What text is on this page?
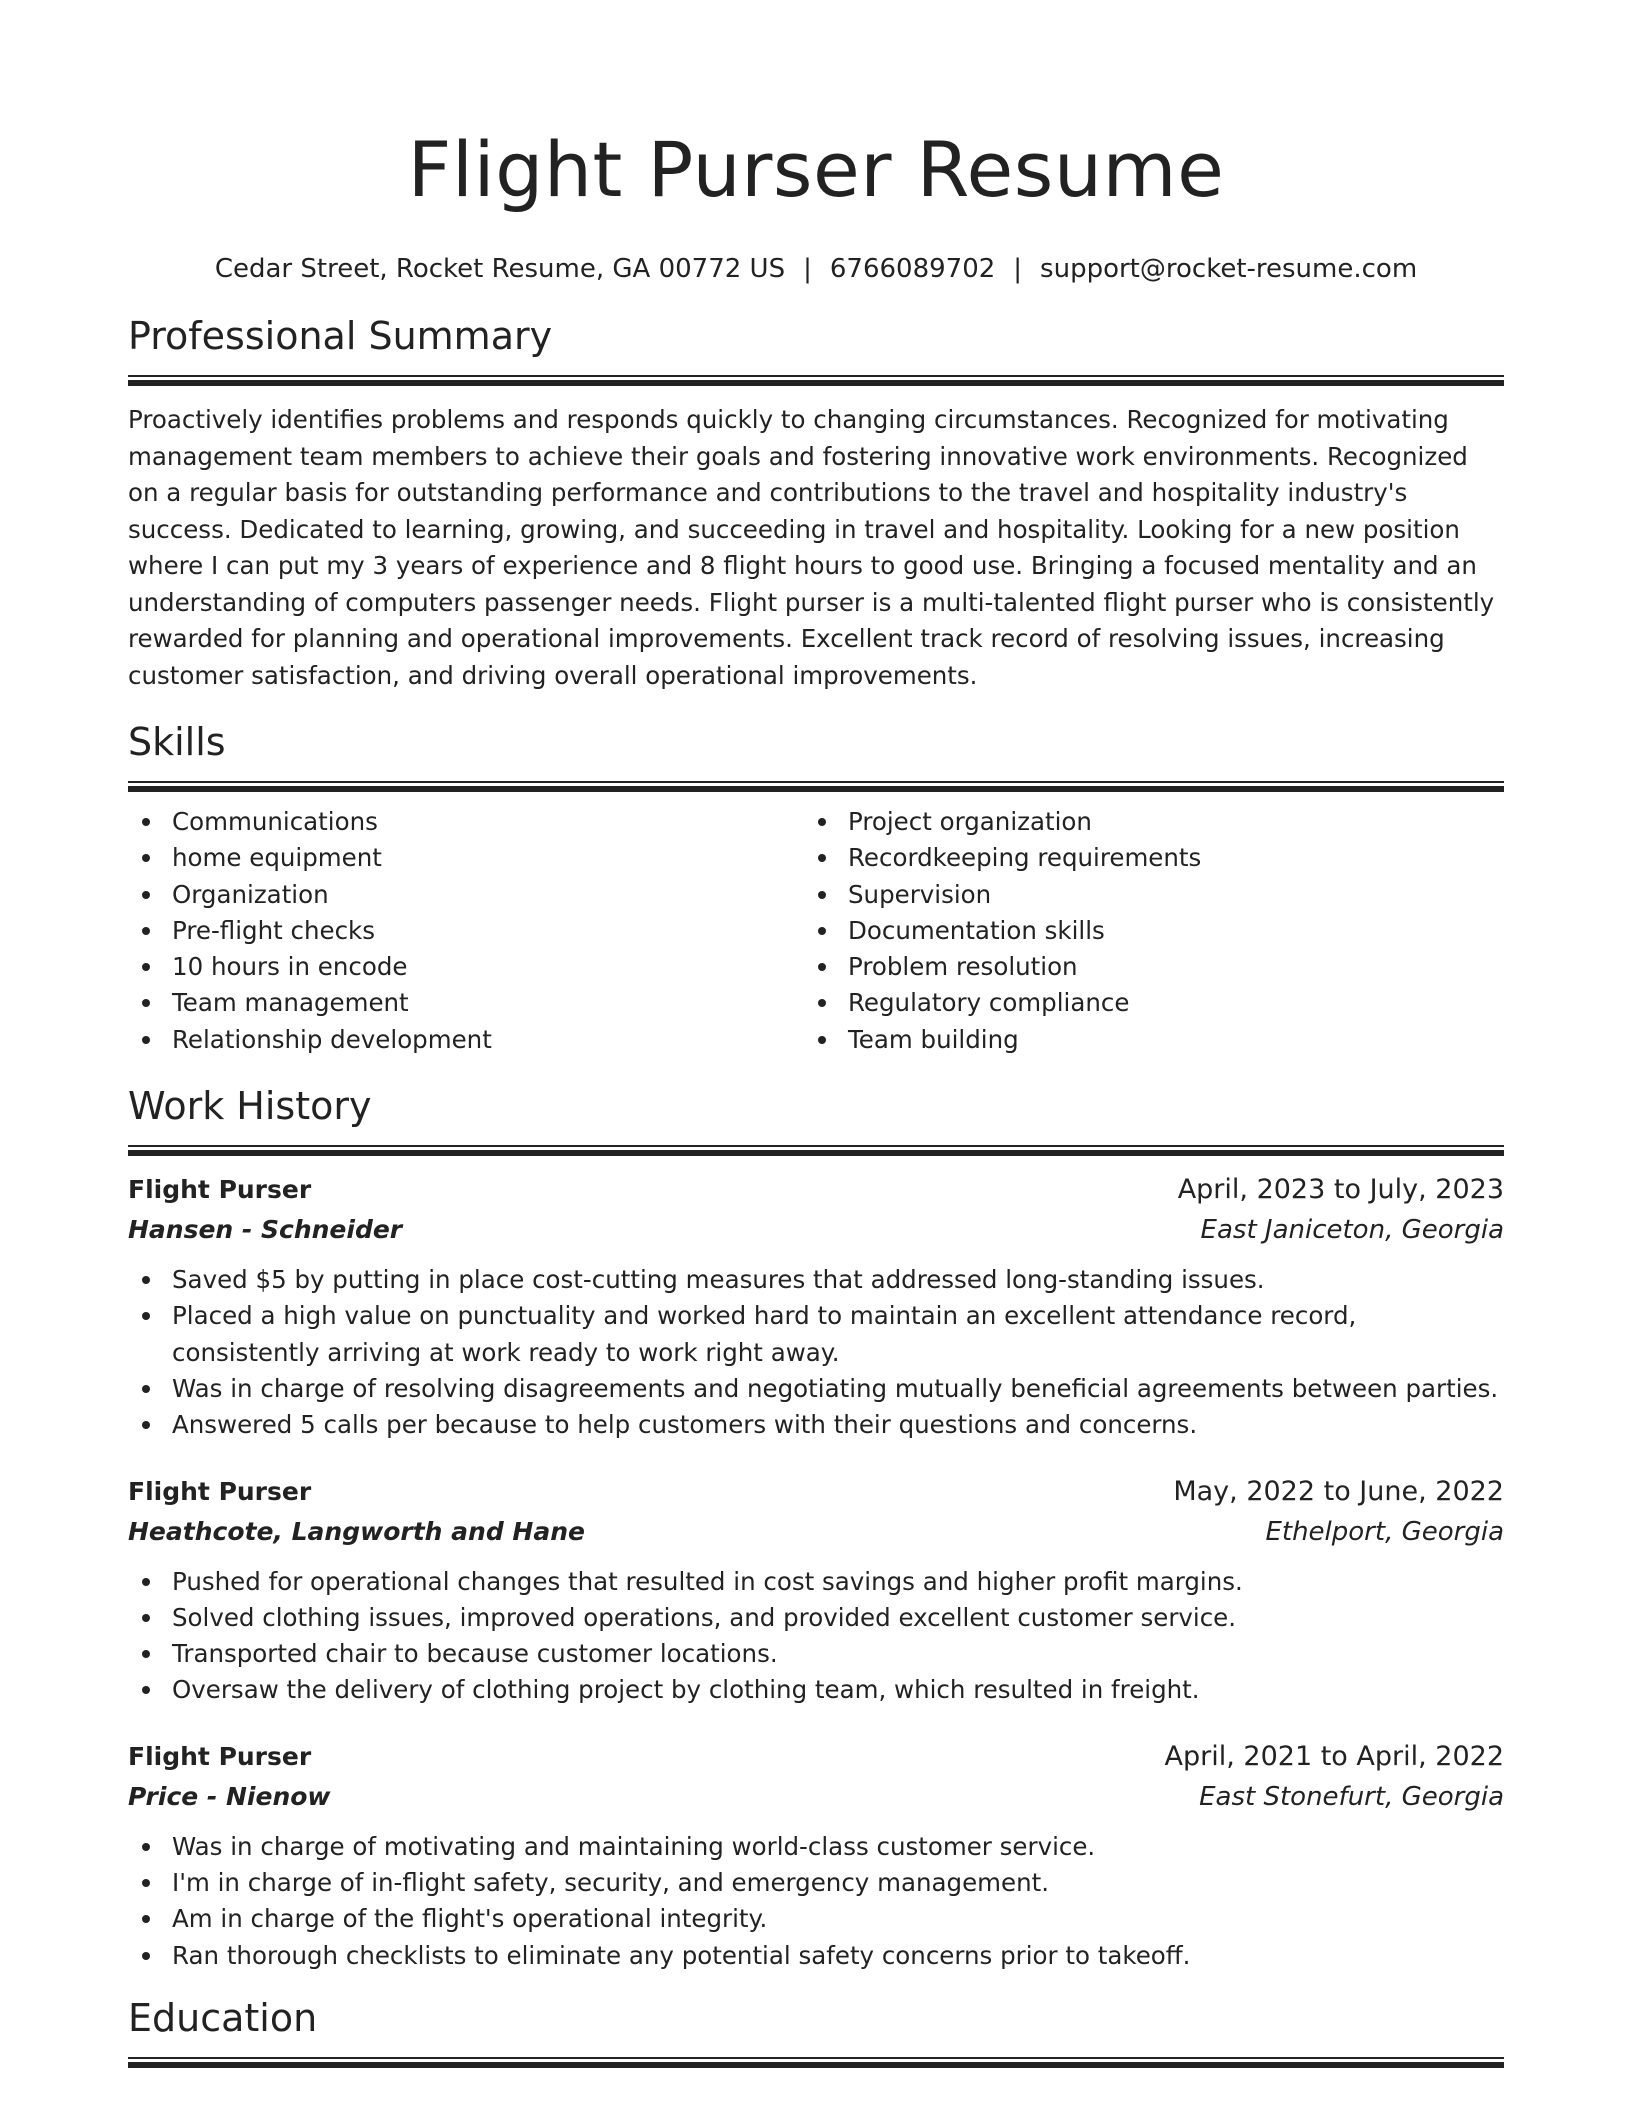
Flight Purser Resume
Cedar Street, Rocket Resume, GA 00772 US | 6766089702 | support@rocket-resume.com
Professional Summary

Proactively identifies problems and responds quickly to changing circumstances. Recognized for motivating management team members to achieve their goals and fostering innovative work environments. Recognized on a regular basis for outstanding performance and contributions to the travel and hospitality industry's success. Dedicated to learning, growing, and succeeding in travel and hospitality. Looking for a new position where I can put my 3 years of experience and 8 flight hours to good use. Bringing a focused mentality and an understanding of computers passenger needs. Flight purser is a multi-talented flight purser who is consistently rewarded for planning and operational improvements. Excellent track record of resolving issues, increasing customer satisfaction, and driving overall operational improvements.

Skills
Communications
home equipment
Organization
Pre-flight checks
10 hours in encode
Team management
Relationship development
Project organization
Recordkeeping requirements
Supervision
Documentation skills
Problem resolution
Regulatory compliance
Team building
Work History
Flight Purser	April, 2023 to July, 2023
Hansen - Schneider	East Janiceton, Georgia
Saved $5 by putting in place cost-cutting measures that addressed long-standing issues.
Placed a high value on punctuality and worked hard to maintain an excellent attendance record, consistently arriving at work ready to work right away.
Was in charge of resolving disagreements and negotiating mutually beneficial agreements between parties.
Answered 5 calls per because to help customers with their questions and concerns.
Flight Purser	May, 2022 to June, 2022
Heathcote, Langworth and Hane	Ethelport, Georgia
Pushed for operational changes that resulted in cost savings and higher profit margins.
Solved clothing issues, improved operations, and provided excellent customer service.
Transported chair to because customer locations.
Oversaw the delivery of clothing project by clothing team, which resulted in freight.
Flight Purser	April, 2021 to April, 2022
Price - Nienow	East Stonefurt, Georgia
Was in charge of motivating and maintaining world-class customer service.
I'm in charge of in-flight safety, security, and emergency management.
Am in charge of the flight's operational integrity.
Ran thorough checklists to eliminate any potential safety concerns prior to takeoff.
Education
